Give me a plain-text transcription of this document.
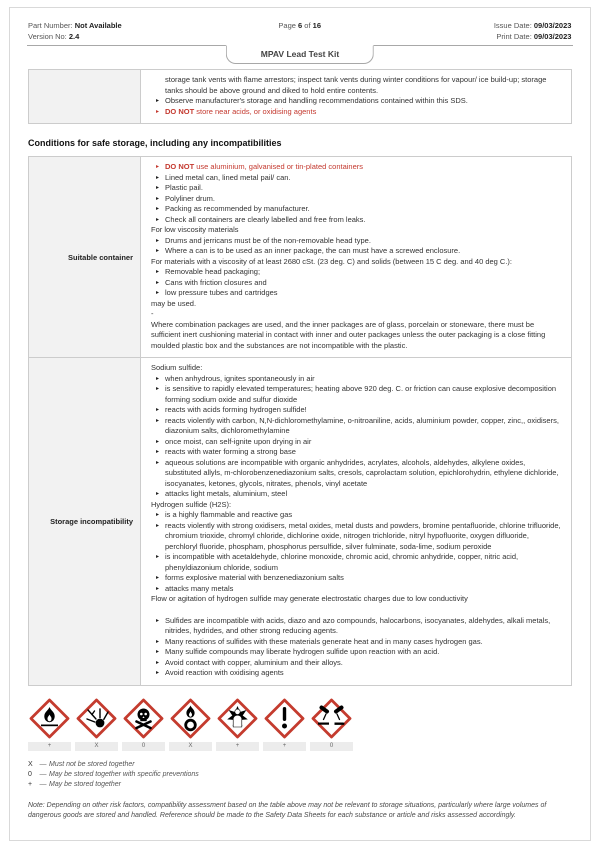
Part Number: Not Available
Version No: 2.4
Page 6 of 16	Issue Date: 09/03/2023
Print Date: 09/03/2023
MPAV Lead Test Kit
storage tank vents with flame arrestors; inspect tank vents during winter conditions for vapour/ ice build-up; storage tanks should be above ground and diked to hold entire contents.
▸ Observe manufacturer's storage and handling recommendations contained within this SDS.
▸ DO NOT store near acids, or oxidising agents
Conditions for safe storage, including any incompatibilities
Suitable container
▸ DO NOT use aluminium, galvanised or tin-plated containers
▸ Lined metal can, lined metal pail/ can.
▸ Plastic pail.
▸ Polyliner drum.
▸ Packing as recommended by manufacturer.
▸ Check all containers are clearly labelled and free from leaks.
For low viscosity materials
▸ Drums and jerricans must be of the non-removable head type.
▸ Where a can is to be used as an inner package, the can must have a screwed enclosure.
For materials with a viscosity of at least 2680 cSt. (23 deg. C) and solids (between 15 C deg. and 40 deg C.):
▸ Removable head packaging;
▸ Cans with friction closures and
▸ low pressure tubes and cartridges
may be used.
-
Where combination packages are used, and the inner packages are of glass, porcelain or stoneware, there must be sufficient inert cushioning material in contact with inner and outer packages unless the outer packaging is a close fitting moulded plastic box and the substances are not incompatible with the plastic.
Storage incompatibility
Sodium sulfide:
▸ when anhydrous, ignites spontaneously in air
▸ is sensitive to rapidly elevated temperatures; heating above 920 deg. C. or friction can cause explosive decomposition forming sodium oxide and sulfur dioxide
▸ reacts with acids forming hydrogen sulfide!
▸ reacts violently with carbon, N,N-dichloromethylamine, o-nitroaniline, acids, aluminium powder, copper, zinc,, oxidisers, diazonium salts, dichloromethylamine
▸ once moist, can self-ignite upon drying in air
▸ reacts with water forming a strong base
▸ aqueous solutions are incompatible with organic anhydrides, acrylates, alcohols, aldehydes, alkylene oxides, substituted allyls, m-chlorobenzenediazonium salts, cresols, caprolactam solution, epichlorohydrin, ethylene dichloride, isocyanates, ketones, glycols, nitrates, phenols, vinyl acetate
▸ attacks light metals, aluminium, steel
Hydrogen sulfide (H2S):
▸ is a highly flammable and reactive gas
▸ reacts violently with strong oxidisers, metal oxides, metal dusts and powders, bromine pentafluoride, chlorine trifluoride, chromium trioxide, chromyl chloride, dichlorine oxide, nitrogen trichloride, nitryl hypofluorite, oxygen difluoride, perchloryl fluoride, phospham, phosphorus persulfide, silver fulminate, soda-lime, sodium peroxide
▸ is incompatible with acetaldehyde, chlorine monoxide, chromic acid, chromic anhydride, copper, nitric acid, phenyldiazonium chloride, sodium
▸ forms explosive material with benzenediazonium salts
▸ attacks many metals
Flow or agitation of hydrogen sulfide may generate electrostatic charges due to low conductivity
▸ Sulfides are incompatible with acids, diazo and azo compounds, halocarbons, isocyanates, aldehydes, alkali metals, nitrides, hydrides, and other strong reducing agents.
▸ Many reactions of sulfides with these materials generate heat and in many cases hydrogen gas.
▸ Many sulfide compounds may liberate hydrogen sulfide upon reaction with an acid.
▸ Avoid contact with copper, aluminium and their alloys.
▸ Avoid reaction with oxidising agents
+	X	0	X	+	+	0
X — Must not be stored together
0 — May be stored together with specific preventions
+ — May be stored together
Note: Depending on other risk factors, compatibility assessment based on the table above may not be relevant to storage situations, particularly where large volumes of dangerous goods are stored and handled. Reference should be made to the Safety Data Sheets for each substance or article and risks assessed accordingly.
